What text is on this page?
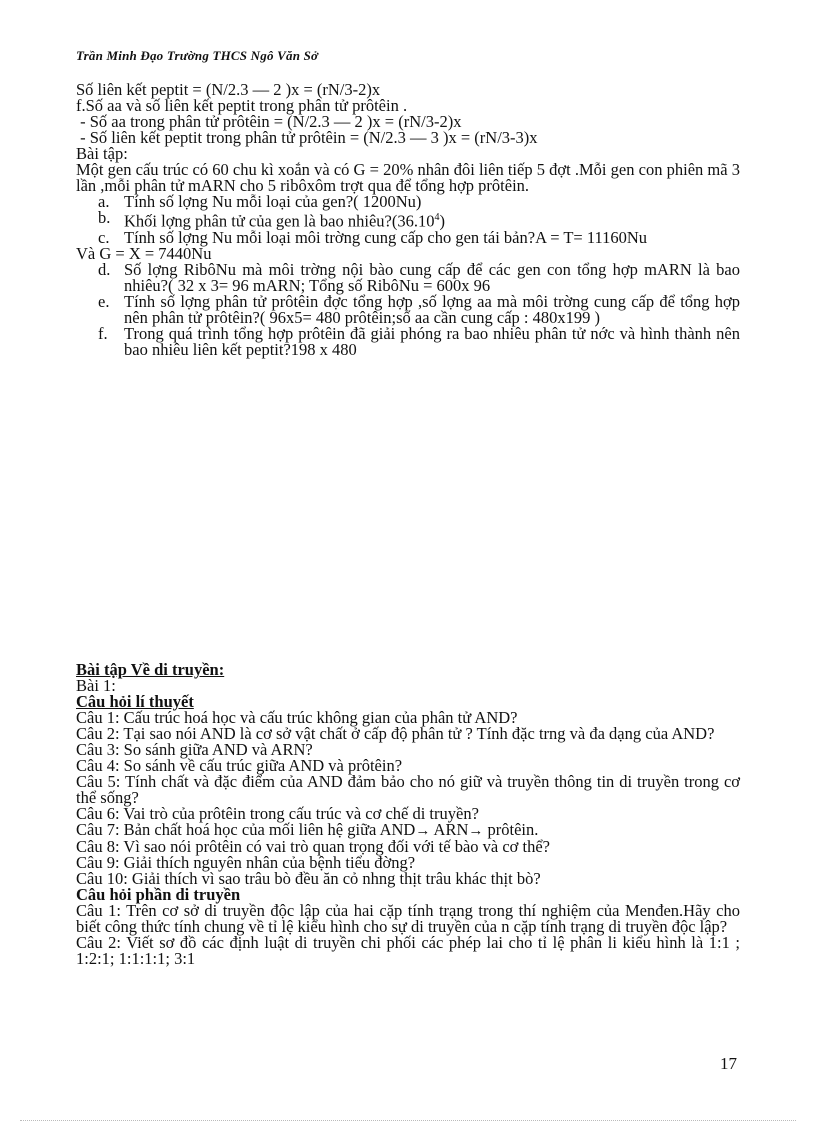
Trần Minh Đạo Trường THCS Ngô Văn Sở

Số liên kết peptit = (N/2.3 — 2 )x = (rN/3-2)x

f.Số aa và số liên kết peptit trong phân tử prôtêin .

- Số aa trong phân tử prôtêin = (N/2.3 — 2 )x = (rN/3-2)x

- Số liên kết peptit trong phân tử prôtêin = (N/2.3 — 3 )x = (rN/3-3)x

Bài tập:

Một gen cấu trúc có 60 chu kì xoắn và có G = 20% nhân đôi liên tiếp 5 đợt .Mỗi gen con phiên mã 3 lần ,mỗi phân tử mARN cho 5 ribôxôm trợt qua để tổng hợp prôtêin.

a. Tính số lợng Nu mỗi loại của gen?( 1200Nu)
b. Khối lợng phân tử của gen là bao nhiêu?(36.10$^4$)
c. Tính số lợng Nu mỗi loại môi trờng cung cấp cho gen tái bản?A = T= 11160Nu

Và G = X = 7440Nu

d. Số lợng RibôNu mà môi trờng nội bào cung cấp để các gen con tổng hợp mARN là bao nhiêu?( 32 x 3= 96 mARN; Tổng số RibôNu = 600x 96
e. Tính số lợng phân tử prôtêin đợc tổng hợp ,số lợng aa mà môi trờng cung cấp để tổng hợp nên phân tử prôtêin?( 96x5= 480 prôtêin;số aa cần cung cấp : 480x199 )
f. Trong quá trình tổng hợp prôtêin đã giải phóng ra bao nhiêu phân tử nớc và hình thành nên bao nhiêu liên kết peptit?198 x 480

Bài tập Về di truyền:

Bài 1:

Câu hỏi lí thuyết

Câu 1: Cấu trúc hoá học và cấu trúc không gian của phân tử AND?

Câu 2: Tại sao nói AND là cơ sở vật chất ở cấp độ phân tử ? Tính đặc trng và đa dạng của AND?

Câu 3: So sánh giữa AND và ARN?

Câu 4: So sánh về cấu trúc giữa AND và prôtêin?

Câu 5: Tính chất và đặc điểm của AND đảm bảo cho nó giữ và truyền thông tin di truyền trong cơ thể sống?

Câu 6: Vai trò của prôtêin trong cấu trúc và cơ chế di truyền?

Câu 7: Bản chất hoá học của mối liên hệ giữa AND→ ARN→ prôtêin.

Câu 8: Vì sao nói prôtêin có vai trò quan trọng đối với tế bào và cơ thể?

Câu 9: Giải thích nguyên nhân của bệnh tiểu đờng?

Câu 10: Giải thích vì sao trâu bò đều ăn cỏ nhng thịt trâu khác thịt bò?

Câu hỏi phần di truyền

Câu 1: Trên cơ sở di truyền độc lập của hai cặp tính trạng trong thí nghiệm của Menđen.Hãy cho biết công thức tính chung về tỉ lệ kiểu hình cho sự di truyền của n cặp tính trạng di truyền độc lập?

Câu 2: Viết sơ đồ các định luật di truyền chi phối các phép lai cho tỉ lệ phân li kiểu hình là 1:1 ; 1:2:1; 1:1:1:1; 3:1

17
